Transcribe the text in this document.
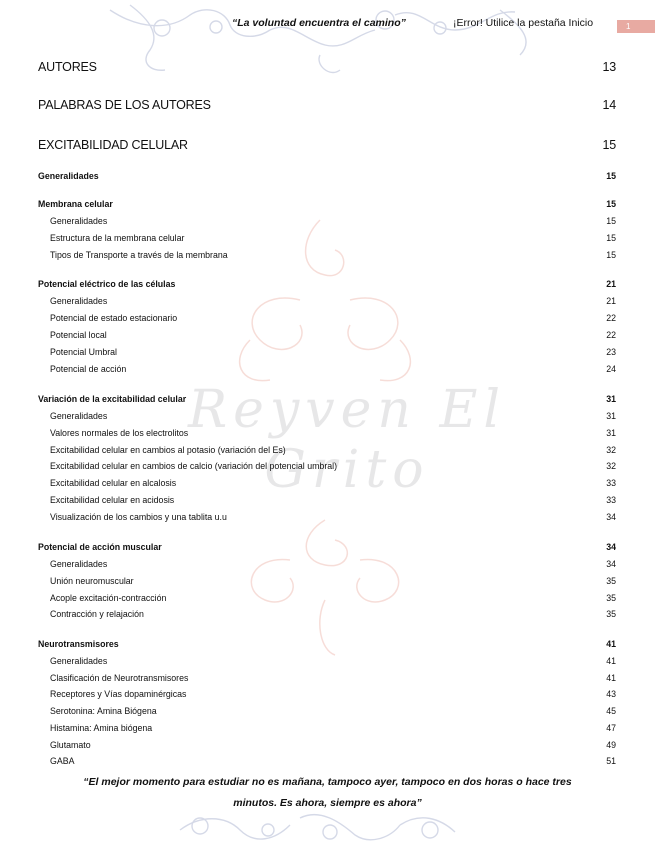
Reyven El Grito
“La voluntad encuentra el camino”	¡Error! Utilice la pestaña Inicio	1
AUTORES	13
PALABRAS DE LOS AUTORES	14
EXCITABILIDAD CELULAR	15
Generalidades	15
Membrana celular	15
Generalidades	15
Estructura de la membrana celular	15
Tipos de Transporte a través de la membrana	15
Potencial eléctrico de las células	21
Generalidades	21
Potencial de estado estacionario	22
Potencial local	22
Potencial Umbral	23
Potencial de acción	24
Variación de la excitabilidad celular	31
Generalidades	31
Valores normales de los electrolitos	31
Excitabilidad celular en cambios al potasio (variación del Es)	32
Excitabilidad celular en cambios de calcio (variación del potencial umbral)	32
Excitabilidad celular en alcalosis	33
Excitabilidad celular en acidosis	33
Visualización de los cambios y una tablita u.u	34
Potencial de acción muscular	34
Generalidades	34
Unión neuromuscular	35
Acople excitación-contracción	35
Contracción y relajación	35
Neurotransmisores	41
Generalidades	41
Clasificación de Neurotransmisores	41
Receptores y Vías dopaminérgicas	43
Serotonina: Amina Biógena	45
Histamina: Amina biógena	47
Glutamato	49
GABA	51
“El mejor momento para estudiar no es mañana, tampoco ayer, tampoco en dos horas o hace tres
minutos. Es ahora, siempre es ahora”
